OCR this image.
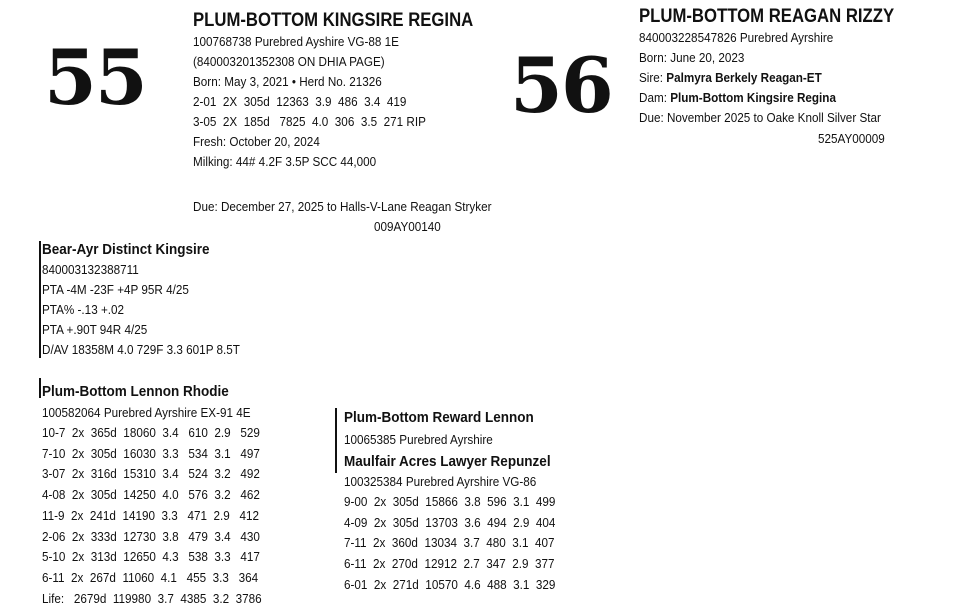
55
PLUM-BOTTOM KINGSIRE REGINA
100768738 Purebred Ayshire VG-88 1E
(840003201352308 ON DHIA PAGE)
Born: May 3, 2021 • Herd No. 21326
2-01  2X  305d  12363  3.9  486  3.4  419
3-05  2X  185d   7825  4.0  306  3.5  271 RIP
Fresh: October 20, 2024
Milking: 44# 4.2F 3.5P SCC 44,000
Due: December 27, 2025 to Halls-V-Lane Reagan Stryker
009AY00140
56
PLUM-BOTTOM REAGAN RIZZY
840003228547826 Purebred Ayrshire
Born: June 20, 2023
Sire: Palmyra Berkely Reagan-ET
Dam: Plum-Bottom Kingsire Regina
Due: November 2025 to Oake Knoll Silver Star
525AY00009
Bear-Ayr Distinct Kingsire
840003132388711
PTA -4M -23F +4P 95R 4/25
PTA% -.13 +.02
PTA +.90T 94R 4/25
D/AV 18358M 4.0 729F 3.3 601P 8.5T
Plum-Bottom Lennon Rhodie
100582064 Purebred Ayrshire EX-91 4E
10-7  2x  365d  18060  3.4   610  2.9   529
7-10  2x  305d  16030  3.3   534  3.1   497
3-07  2x  316d  15310  3.4   524  3.2   492
4-08  2x  305d  14250  4.0   576  3.2   462
11-9  2x  241d  14190  3.3   471  2.9   412
2-06  2x  333d  12730  3.8   479  3.4   430
5-10  2x  313d  12650  4.3   538  3.3   417
6-11  2x  267d  11060  4.1   455  3.3   364
Life:   2679d  119980  3.7  4385  3.2  3786
Plum-Bottom Reward Lennon
10065385 Purebred Ayrshire
Maulfair Acres Lawyer Repunzel
100325384 Purebred Ayrshire VG-86
9-00  2x  305d  15866  3.8  596  3.1  499
4-09  2x  305d  13703  3.6  494  2.9  404
7-11  2x  360d  13034  3.7  480  3.1  407
6-11  2x  270d  12912  2.7  347  2.9  377
6-01  2x  271d  10570  4.6  488  3.1  329
